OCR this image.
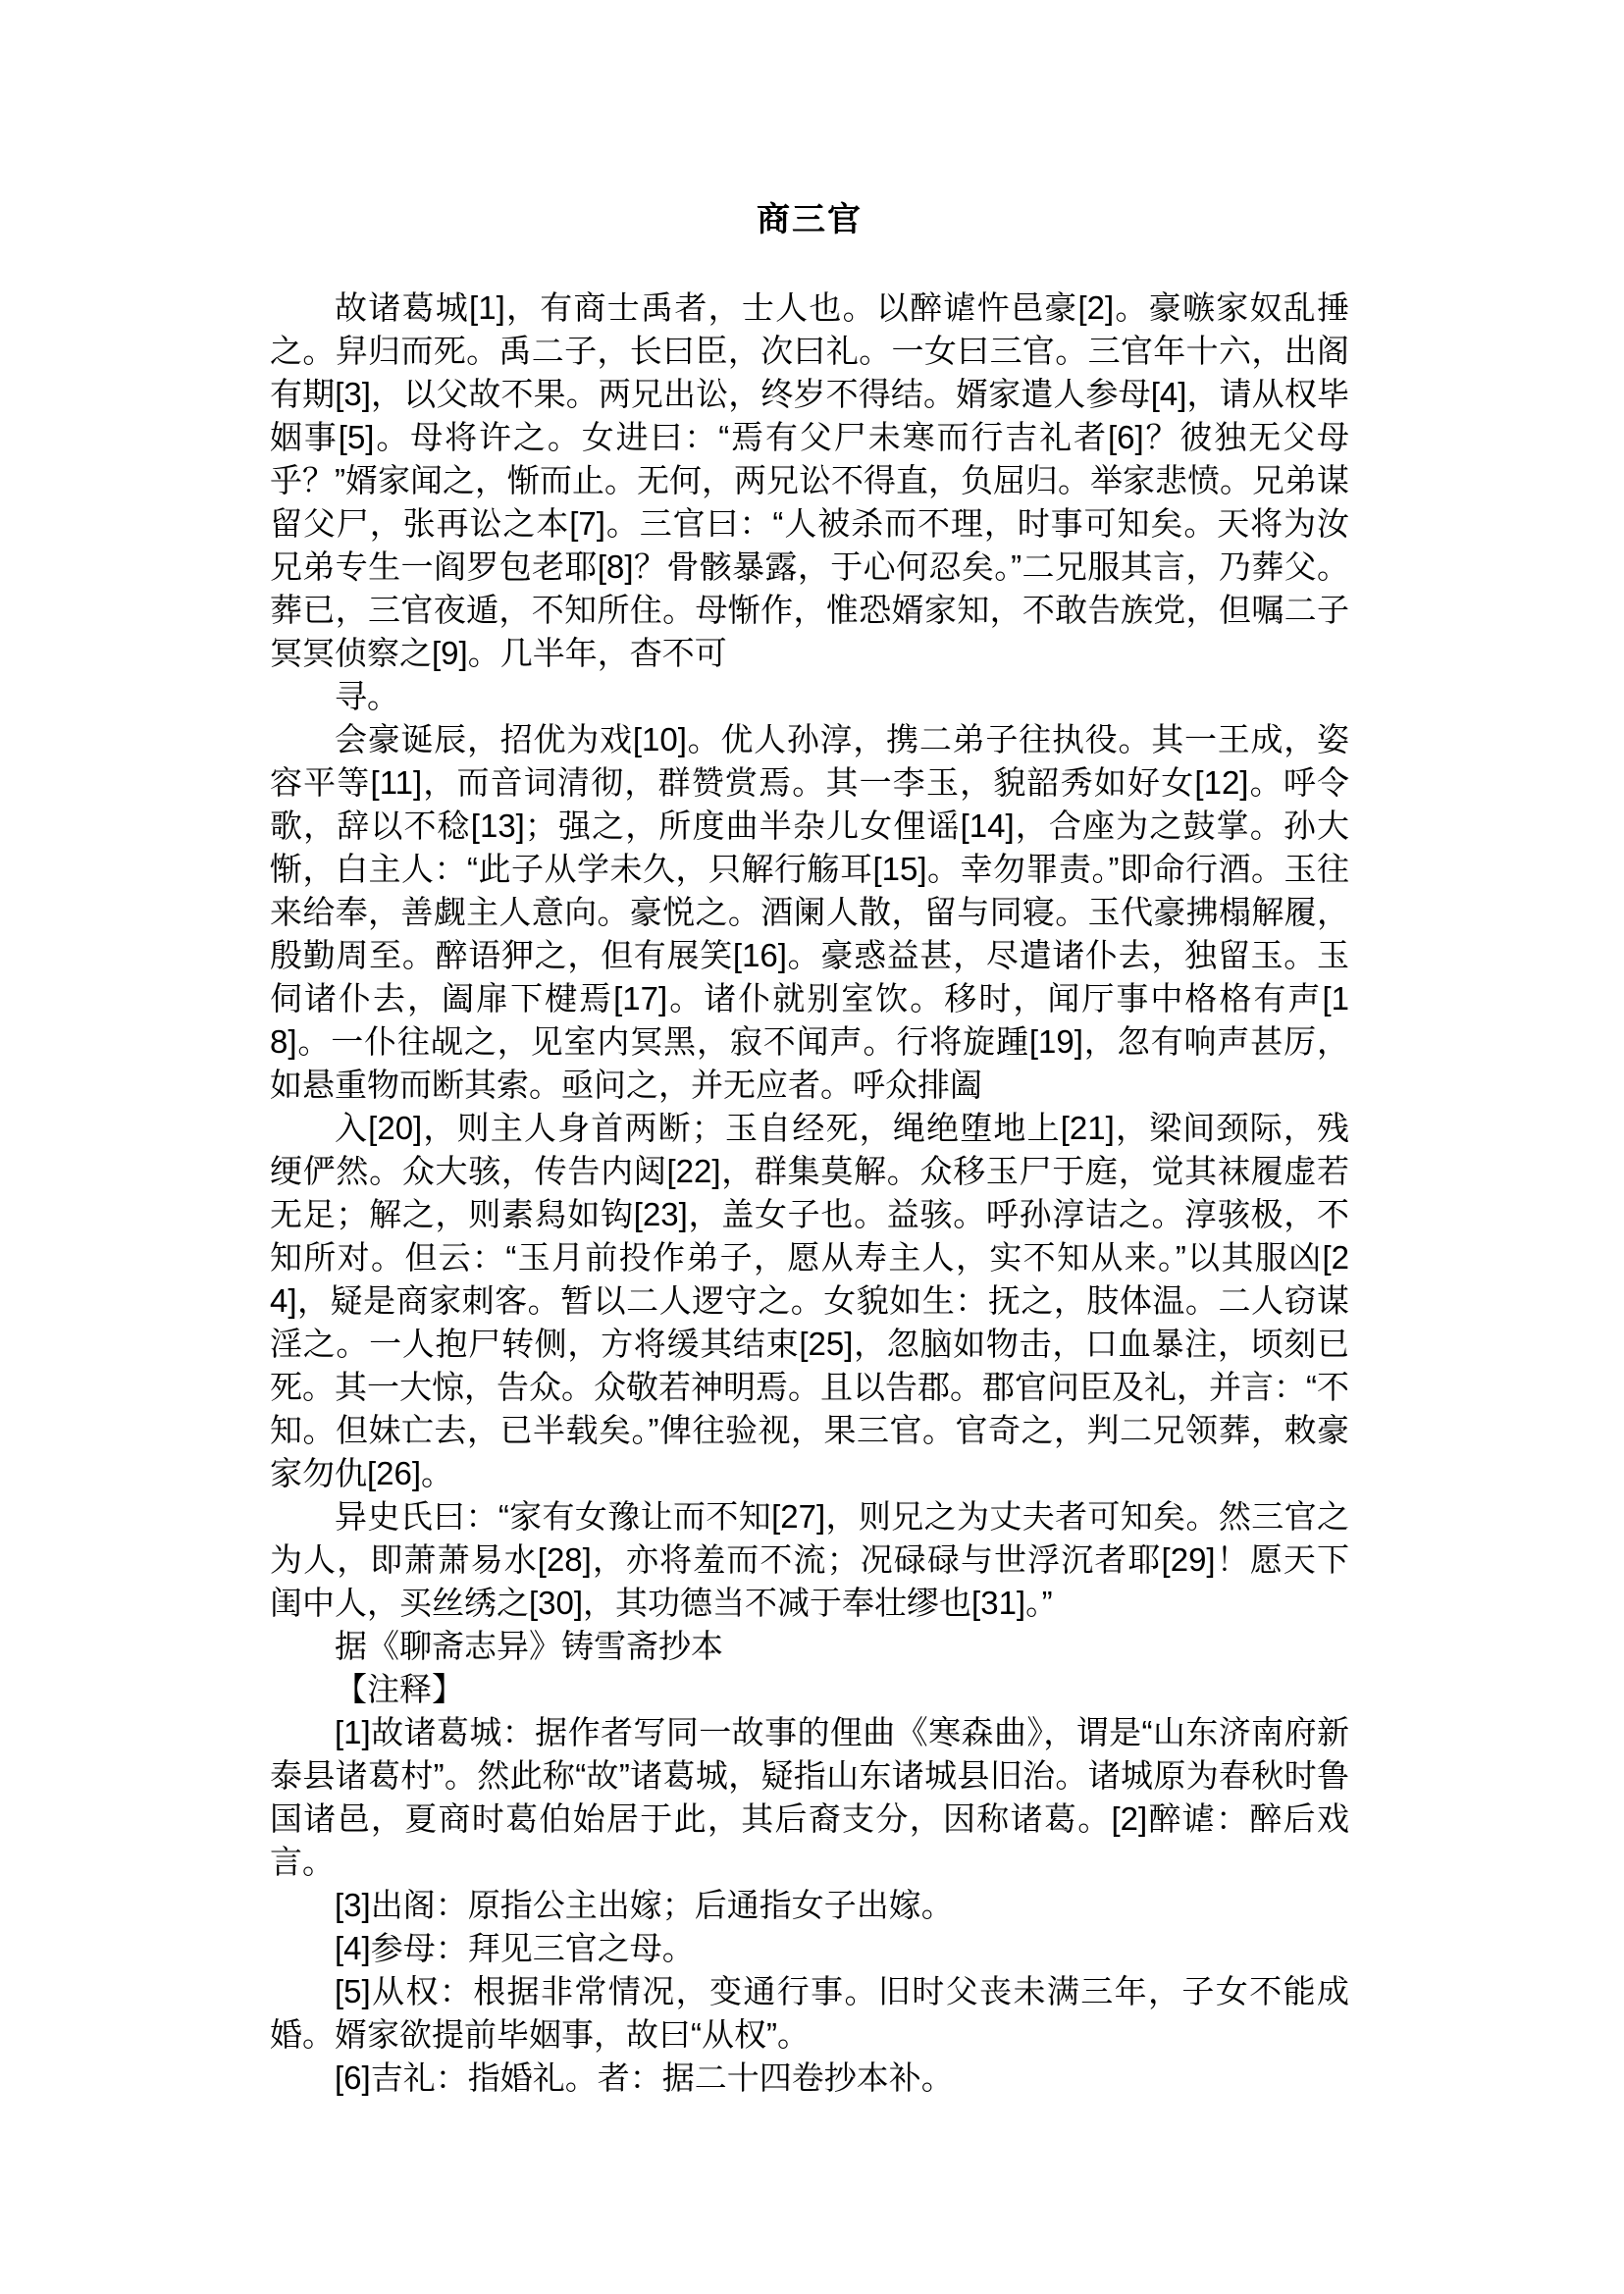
商三官

故诸葛城[1]，有商士禹者，士人也。以醉谑忤邑豪[2]。豪嗾家奴乱捶之。舁归而死。禹二子，长曰臣，次曰礼。一女曰三官。三官年十六，出阁有期[3]，以父故不果。两兄出讼，终岁不得结。婿家遣人参母[4]，请从权毕姻事[5]。母将许之。女进曰：“焉有父尸未寒而行吉礼者[6]？彼独无父母乎？”婿家闻之，惭而止。无何，两兄讼不得直，负屈归。举家悲愤。兄弟谋留父尸，张再讼之本[7]。三官曰：“人被杀而不理，时事可知矣。天将为汝兄弟专生一阎罗包老耶[8]？骨骸暴露，于心何忍矣。”二兄服其言，乃葬父。葬已，三官夜遁，不知所住。母惭作，惟恐婿家知，不敢告族党，但嘱二子冥冥侦察之[9]。几半年，杳不可

寻。

会豪诞辰，招优为戏[10]。优人孙淳，携二弟子往执役。其一王成，姿容平等[11]，而音词清彻，群赞赏焉。其一李玉，貌韶秀如好女[12]。呼令歌，辞以不稔[13]；强之，所度曲半杂儿女俚谣[14]，合座为之鼓掌。孙大惭，白主人：“此子从学未久，只解行觞耳[15]。幸勿罪责。”即命行酒。玉往来给奉，善觑主人意向。豪悦之。酒阑人散，留与同寝。玉代豪拂榻解履，殷勤周至。醉语狎之，但有展笑[16]。豪惑益甚，尽遣诸仆去，独留玉。玉伺诸仆去，阖扉下楗焉[17]。诸仆就别室饮。移时，闻厅事中格格有声[18]。一仆往觇之，见室内冥黑，寂不闻声。行将旋踵[19]，忽有响声甚厉，如悬重物而断其索。亟问之，并无应者。呼众排阖

入[20]，则主人身首两断；玉自经死，绳绝堕地上[21]，梁间颈际，残绠俨然。众大骇，传告内闼[22]，群集莫解。众移玉尸于庭，觉其袜履虚若无足；解之，则素舄如钩[23]，盖女子也。益骇。呼孙淳诘之。淳骇极，不知所对。但云：“玉月前投作弟子，愿从寿主人，实不知从来。”以其服凶[24]，疑是商家刺客。暂以二人逻守之。女貌如生：抚之，肢体温。二人窃谋淫之。一人抱尸转侧，方将缓其结束[25]，忽脑如物击，口血暴注，顷刻已死。其一大惊，告众。众敬若神明焉。且以告郡。郡官问臣及礼，并言：“不知。但妹亡去，已半载矣。”俾往验视，果三官。官奇之，判二兄领葬，敕豪家勿仇[26]。

异史氏曰：“家有女豫让而不知[27]，则兄之为丈夫者可知矣。然三官之为人，即萧萧易水[28]，亦将羞而不流；况碌碌与世浮沉者耶[29]！愿天下闺中人，买丝绣之[30]，其功德当不减于奉壮缪也[31]。”

据《聊斋志异》铸雪斋抄本

【注释】

[1]故诸葛城：据作者写同一故事的俚曲《寒森曲》，谓是“山东济南府新泰县诸葛村”。然此称“故”诸葛城，疑指山东诸城县旧治。诸城原为春秋时鲁国诸邑，夏商时葛伯始居于此，其后裔支分，因称诸葛。[2]醉谑：醉后戏言。

[3]出阁：原指公主出嫁；后通指女子出嫁。

[4]参母：拜见三官之母。

[5]从权：根据非常情况，变通行事。旧时父丧未满三年，子女不能成婚。婿家欲提前毕姻事，故曰“从权”。

[6]吉礼：指婚礼。者：据二十四卷抄本补。
